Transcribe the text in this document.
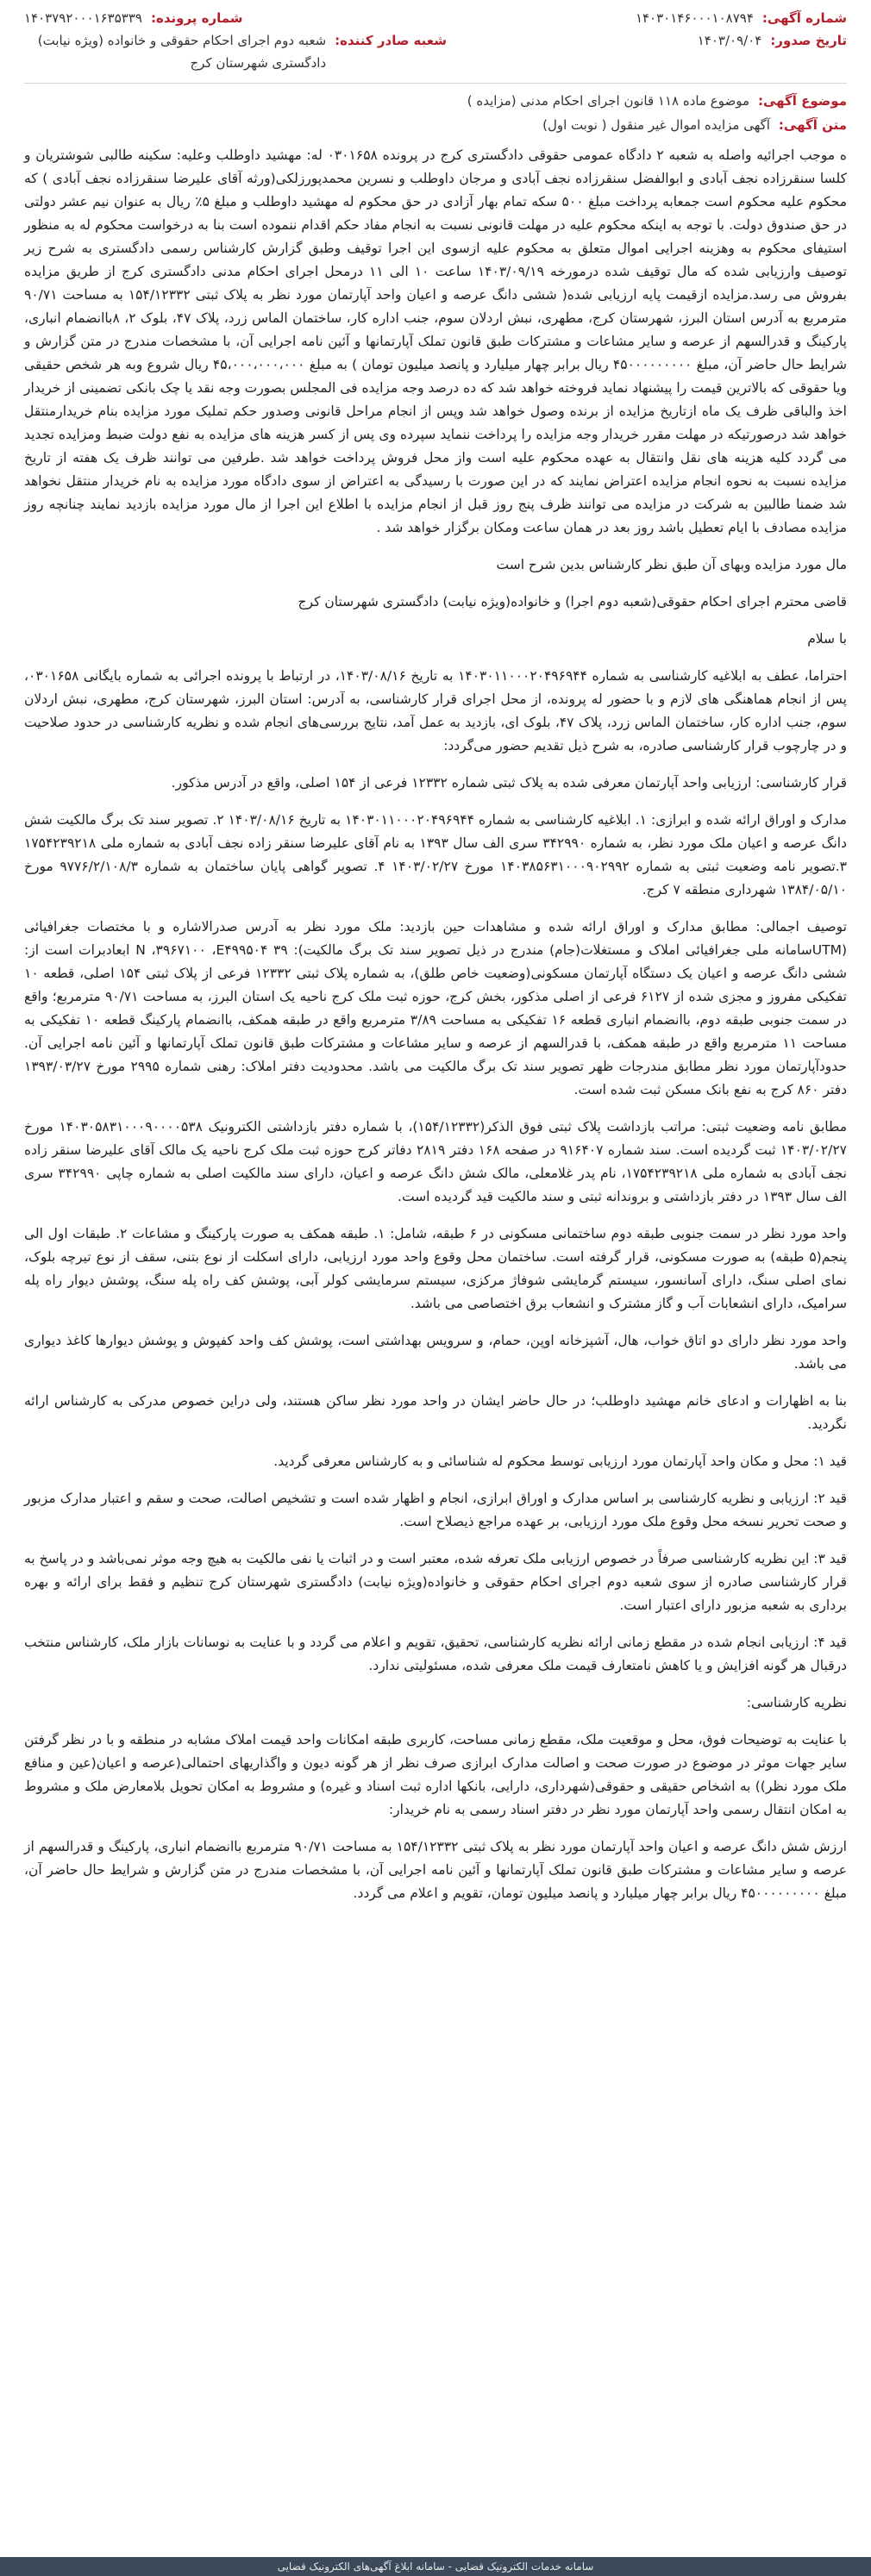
شماره آگهی:
۱۴۰۳۰۱۴۶۰۰۰۱۰۸۷۹۴
شماره پرونده:
۱۴۰۳۷۹۲۰۰۰۱۶۳۵۳۳۹
تاریخ صدور:
۱۴۰۳/۰۹/۰۴
شعبه صادر کننده:
شعبه دوم اجرای احکام حقوقی و خانواده (ویژه نیابت) دادگستری شهرستان کرج
موضوع آگهی:
موضوع ماده ۱۱۸ قانون اجرای احکام مدنی (مزایده )
متن آگهی:
آگهی مزایده اموال غیر منقول ( نوبت اول)

ه موجب اجرائیه واصله به شعبه ۲ دادگاه عمومی حقوقی دادگستری کرج در پرونده ۰۳۰۱۶۵۸ له: مهشید داوطلب وعلیه: سکینه طالبی شوشتریان و کلسا سنقرزاده نجف آبادی و ابوالفضل سنقرزاده نجف آبادی و مرجان داوطلب و نسرین محمدپورزلکی(ورثه آقای علیرضا سنقرزاده نجف آبادی ) که محکوم علیه محکوم است جمعابه پرداخت مبلغ ۵۰۰ سکه تمام بهار آزادی در حق محکوم له مهشید داوطلب و مبلغ ۵٪ ریال به عنوان نیم عشر دولتی در حق صندوق دولت. با توجه به اینکه محکوم علیه در مهلت قانونی نسبت به انجام مفاد حکم اقدام ننموده است بنا به درخواست محکوم له به منظور استیفای محکوم به وهزینه اجرایی اموال متعلق به محکوم علیه ازسوی این اجرا توقیف وطبق گزارش کارشناس رسمی دادگستری به شرح زیر توصیف وارزیابی شده که مال توقیف شده درمورخه ۱۴۰۳/۰۹/۱۹ ساعت ۱۰ الی ۱۱ درمحل اجرای احکام مدنی دادگستری کرج از طریق مزایده بفروش می رسد.مزایده ازقیمت پایه ارزیابی شده( ششی دانگ عرصه و اعیان واحد آپارتمان مورد نظر به پلاک ثبتی ۱۵۴/۱۲۳۳۲ به مساحت ۹۰/۷۱ مترمربع به آدرس استان البرز، شهرستان کرج، مطهری، نبش اردلان سوم، جنب اداره کار، ساختمان الماس زرد، پلاک ۴۷، بلوک ۲، ۸باانضمام انباری، پارکینگ و قدرالسهم از عرصه و سایر مشاعات و مشترکات طبق قانون تملک آپارتمانها و آئین نامه اجرایی آن، با مشخصات مندرج در متن گزارش و شرایط حال حاضر آن، مبلغ ۴۵۰۰۰۰۰۰۰۰۰ ریال برابر چهار میلیارد و پانصد میلیون تومان ) به مبلغ ۴۵،۰۰۰،۰۰۰،۰۰۰ ریال شروع وبه هر شخص حقیقی ویا حقوقی که بالاترین قیمت را پیشنهاد نماید فروخته خواهد شد که ده درصد وجه مزایده فی المجلس بصورت وجه نقد یا چک بانکی تضمینی از خریدار اخذ والباقی ظرف یک ماه ازتاریخ مزایده از برنده وصول خواهد شد وپس از انجام مراحل قانونی وصدور حکم تملیک مورد مزایده بنام خریدارمنتقل خواهد شد درصورتیکه در مهلت مقرر خریدار وجه مزایده را پرداخت ننماید سپرده وی پس از کسر هزینه های مزایده به نفع دولت ضبط ومزایده تجدید می گردد کلیه هزینه های نقل وانتقال به عهده محکوم علیه است واز محل فروش پرداخت خواهد شد .طرفین می توانند ظرف یک هفته از تاریخ مزایده نسبت به نحوه انجام مزایده اعتراض نمایند که در این صورت با رسیدگی به اعتراض از سوی دادگاه مورد مزایده به نام خریدار منتقل نخواهد شد ضمنا طالبین به شرکت در مزایده می توانند ظرف پنج روز قبل از انجام مزایده با اطلاع این اجرا از مال مورد مزایده بازدید نمایند چنانچه روز مزایده مصادف با ایام تعطیل باشد روز بعد در همان ساعت ومکان برگزار خواهد شد .

مال مورد مزایده وبهای آن طبق نظر کارشناس بدین شرح است

قاضی محترم اجرای احکام حقوقی(شعبه دوم اجرا) و خانواده(ویژه نیابت) دادگستری شهرستان کرج

با سلام

احتراما، عطف به ابلاغیه کارشناسی به شماره ۱۴۰۳۰۱۱۰۰۰۲۰۴۹۶۹۴۴ به تاریخ ۱۴۰۳/۰۸/۱۶، در ارتباط با پرونده اجرائی به شماره بایگانی ۰۳۰۱۶۵۸، پس از انجام هماهنگی های لازم و با حضور له پرونده، از محل اجرای قرار کارشناسی، به آدرس: استان البرز، شهرستان کرج، مطهری، نبش اردلان سوم، جنب اداره کار، ساختمان الماس زرد، پلاک ۴۷، بلوک ای، بازدید به عمل آمد، نتایج بررسی‌های انجام شده و نظریه کارشناسی در حدود صلاحیت و در چارچوب قرار کارشناسی صادره، به شرح ذیل تقدیم حضور می‌گردد:

قرار کارشناسی: ارزیابی واحد آپارتمان معرفی شده به پلاک ثبتی شماره ۱۲۳۳۲ فرعی از ۱۵۴ اصلی، واقع در آدرس مذکور.

مدارک و اوراق ارائه شده و ابرازی: ۱. ابلاغیه کارشناسی به شماره ۱۴۰۳۰۱۱۰۰۰۲۰۴۹۶۹۴۴ به تاریخ ۱۴۰۳/۰۸/۱۶ ۲. تصویر سند تک برگ مالکیت شش دانگ عرصه و اعیان ملک مورد نظر، به شماره ۳۴۲۹۹۰ سری الف سال ۱۳۹۳ به نام آقای علیرضا سنقر زاده نجف آبادی به شماره ملی ۱۷۵۴۲۳۹۲۱۸ ۳.تصویر نامه وضعیت ثبتی به شماره ۱۴۰۳۸۵۶۳۱۰۰۰۹۰۲۹۹۲ مورخ ۱۴۰۳/۰۲/۲۷ ۴. تصویر گواهی پایان ساختمان به شماره ۹۷۷۶/۲/۱۰۸/۳ مورخ ۱۳۸۴/۰۵/۱۰ شهرداری منطقه ۷ کرج.

توصیف اجمالی: مطابق مدارک و اوراق ارائه شده و مشاهدات حین بازدید: ملک مورد نظر به آدرس صدرالاشاره و با مختصات جغرافیائی (UTMسامانه ملی جغرافیائی املاک و مستغلات(جام) مندرج در ذیل تصویر سند تک برگ مالکیت): ۳۹ N ،۳۹۶۷۱۰۰ ،E۴۹۹۵۰۴ ابعادبرات است از: ششی دانگ عرصه و اعیان یک دستگاه آپارتمان مسکونی(وضعیت خاص طلق)، به شماره پلاک ثبتی ۱۲۳۳۲ فرعی از پلاک ثبتی ۱۵۴ اصلی، قطعه ۱۰ تفکیکی مفروز و مجزی شده از ۶۱۲۷ فرعی از اصلی مذکور، بخش کرج، حوزه ثبت ملک کرج ناحیه یک استان البرز، به مساحت ۹۰/۷۱ مترمربع؛ واقع در سمت جنوبی طبقه دوم، باانضمام انباری قطعه ۱۶ تفکیکی به مساحت ۳/۸۹ مترمربع واقع در طبقه همکف، باانضمام پارکینگ قطعه ۱۰ تفکیکی به مساحت ۱۱ مترمربع واقع در طبقه همکف، با قدرالسهم از عرصه و سایر مشاعات و مشترکات طبق قانون تملک آپارتمانها و آئین نامه اجرایی آن. حدودآپارتمان مورد نظر مطابق مندرجات ظهر تصویر سند تک برگ مالکیت می باشد. محدودیت دفتر املاک: رهنی شماره ۲۹۹۵ مورخ ۱۳۹۳/۰۳/۲۷ دفتر ۸۶۰ کرج به نفع بانک مسکن ثبت شده است.

مطابق نامه وضعیت ثبتی: مراتب بازداشت پلاک ثبتی فوق الذکر(۱۵۴/۱۲۳۳۲)، با شماره دفتر بازداشتی الکترونیک ۱۴۰۳۰۵۸۳۱۰۰۰۹۰۰۰۰۵۳۸ مورخ ۱۴۰۳/۰۲/۲۷ ثبت گردیده است. سند شماره ۹۱۶۴۰۷ در صفحه ۱۶۸ دفتر ۲۸۱۹ دفاتر کرج حوزه ثبت ملک کرج ناحیه یک مالک آقای علیرضا سنقر زاده نجف آبادی به شماره ملی ۱۷۵۴۲۳۹۲۱۸، نام پدر غلامعلی، مالک شش دانگ عرصه و اعیان، دارای سند مالکیت اصلی به شماره چاپی ۳۴۲۹۹۰ سری الف سال ۱۳۹۳ در دفتر بازداشتی و بروندانه ثبتی و سند مالکیت قید گردیده است.

واحد مورد نظر در سمت جنوبی طبقه دوم ساختمانی مسکونی در ۶ طبقه، شامل: ۱. طبقه همکف به صورت پارکینگ و مشاعات ۲. طبقات اول الی پنجم(۵ طبقه) به صورت مسکونی، قرار گرفته است. ساختمان محل وقوع واحد مورد ارزیابی، دارای اسکلت از نوع بتنی، سقف از نوع تیرچه بلوک، نمای اصلی سنگ، دارای آسانسور، سیستم گرمایشی شوفاژ مرکزی، سیستم سرمایشی کولر آبی، پوشش کف راه پله سنگ، پوشش دیوار راه پله سرامیک، دارای انشعابات آب و گاز مشترک و انشعاب برق اختصاصی می باشد.

واحد مورد نظر دارای دو اتاق خواب، هال، آشپزخانه اوپن، حمام، و سرویس بهداشتی است، پوشش کف واحد کفپوش و پوشش دیوارها کاغذ دیواری می باشد.

بنا به اظهارات و ادعای خانم مهشید داوطلب؛ در حال حاضر ایشان در واحد مورد نظر ساکن هستند، ولی دراین خصوص مدرکی به کارشناس ارائه نگردید.

قید ۱: محل و مکان واحد آپارتمان مورد ارزیابی توسط محکوم له شناسائی و به کارشناس معرفی گردید.

قید ۲: ارزیابی و نظریه کارشناسی بر اساس مدارک و اوراق ابرازی، انجام و اظهار شده است و تشخیص اصالت، صحت و سقم و اعتبار مدارک مزبور و صحت تحریر نسخه محل وقوع ملک مورد ارزیابی، بر عهده مراجع ذیصلاح است.

قید ۳: این نظریه کارشناسی صرفاً در خصوص ارزیابی ملک تعرفه شده، معتبر است و در اثبات یا نفی مالکیت به هیچ وجه موثر نمی‌باشد و در پاسخ به قرار کارشناسی صادره از سوی شعبه دوم اجرای احکام حقوقی و خانواده(ویژه نیابت) دادگستری شهرستان کرج تنظیم و فقط برای ارائه و بهره برداری به شعبه مزبور دارای اعتبار است.

قید ۴: ارزیابی انجام شده در مقطع زمانی ارائه نظریه کارشناسی، تحقیق، تقویم و اعلام می گردد و با عنایت به نوسانات بازار ملک، کارشناس منتخب درقبال هر گونه افزایش و یا کاهش نامتعارف قیمت ملک معرفی شده، مسئولیتی ندارد.

نظریه کارشناسی:

با عنایت به توضیحات فوق، محل و موقعیت ملک، مقطع زمانی مساحت، کاربری طبقه امکانات واحد قیمت املاک مشابه در منطقه و با در نظر گرفتن سایر جهات موثر در موضوع در صورت صحت و اصالت مدارک ابرازی صرف نظر از هر گونه دیون و واگذاریهای احتمالی(عرصه و اعیان(عین و منافع ملک مورد نظر)) به اشخاص حقیقی و حقوقی(شهرداری، دارایی، بانکها اداره ثبت اسناد و غیره) و مشروط به امکان تحویل بلامعارض ملک و مشروط به امکان انتقال رسمی واحد آپارتمان مورد نظر در دفتر اسناد رسمی به نام خریدار:

ارزش شش دانگ عرصه و اعیان واحد آپارتمان مورد نظر به پلاک ثبتی ۱۵۴/۱۲۳۳۲ به مساحت ۹۰/۷۱ مترمربع باانضمام انباری، پارکینگ و قدرالسهم از عرصه و سایر مشاعات و مشترکات طبق قانون تملک آپارتمانها و آئین نامه اجرایی آن، با مشخصات مندرج در متن گزارش و شرایط حال حاضر آن، مبلغ ۴۵۰۰۰۰۰۰۰۰۰ ریال برابر چهار میلیارد و پانصد میلیون تومان، تقویم و اعلام می گردد.

سامانه خدمات الکترونیک قضایی - سامانه ابلاغ آگهی‌های الکترونیک قضایی
